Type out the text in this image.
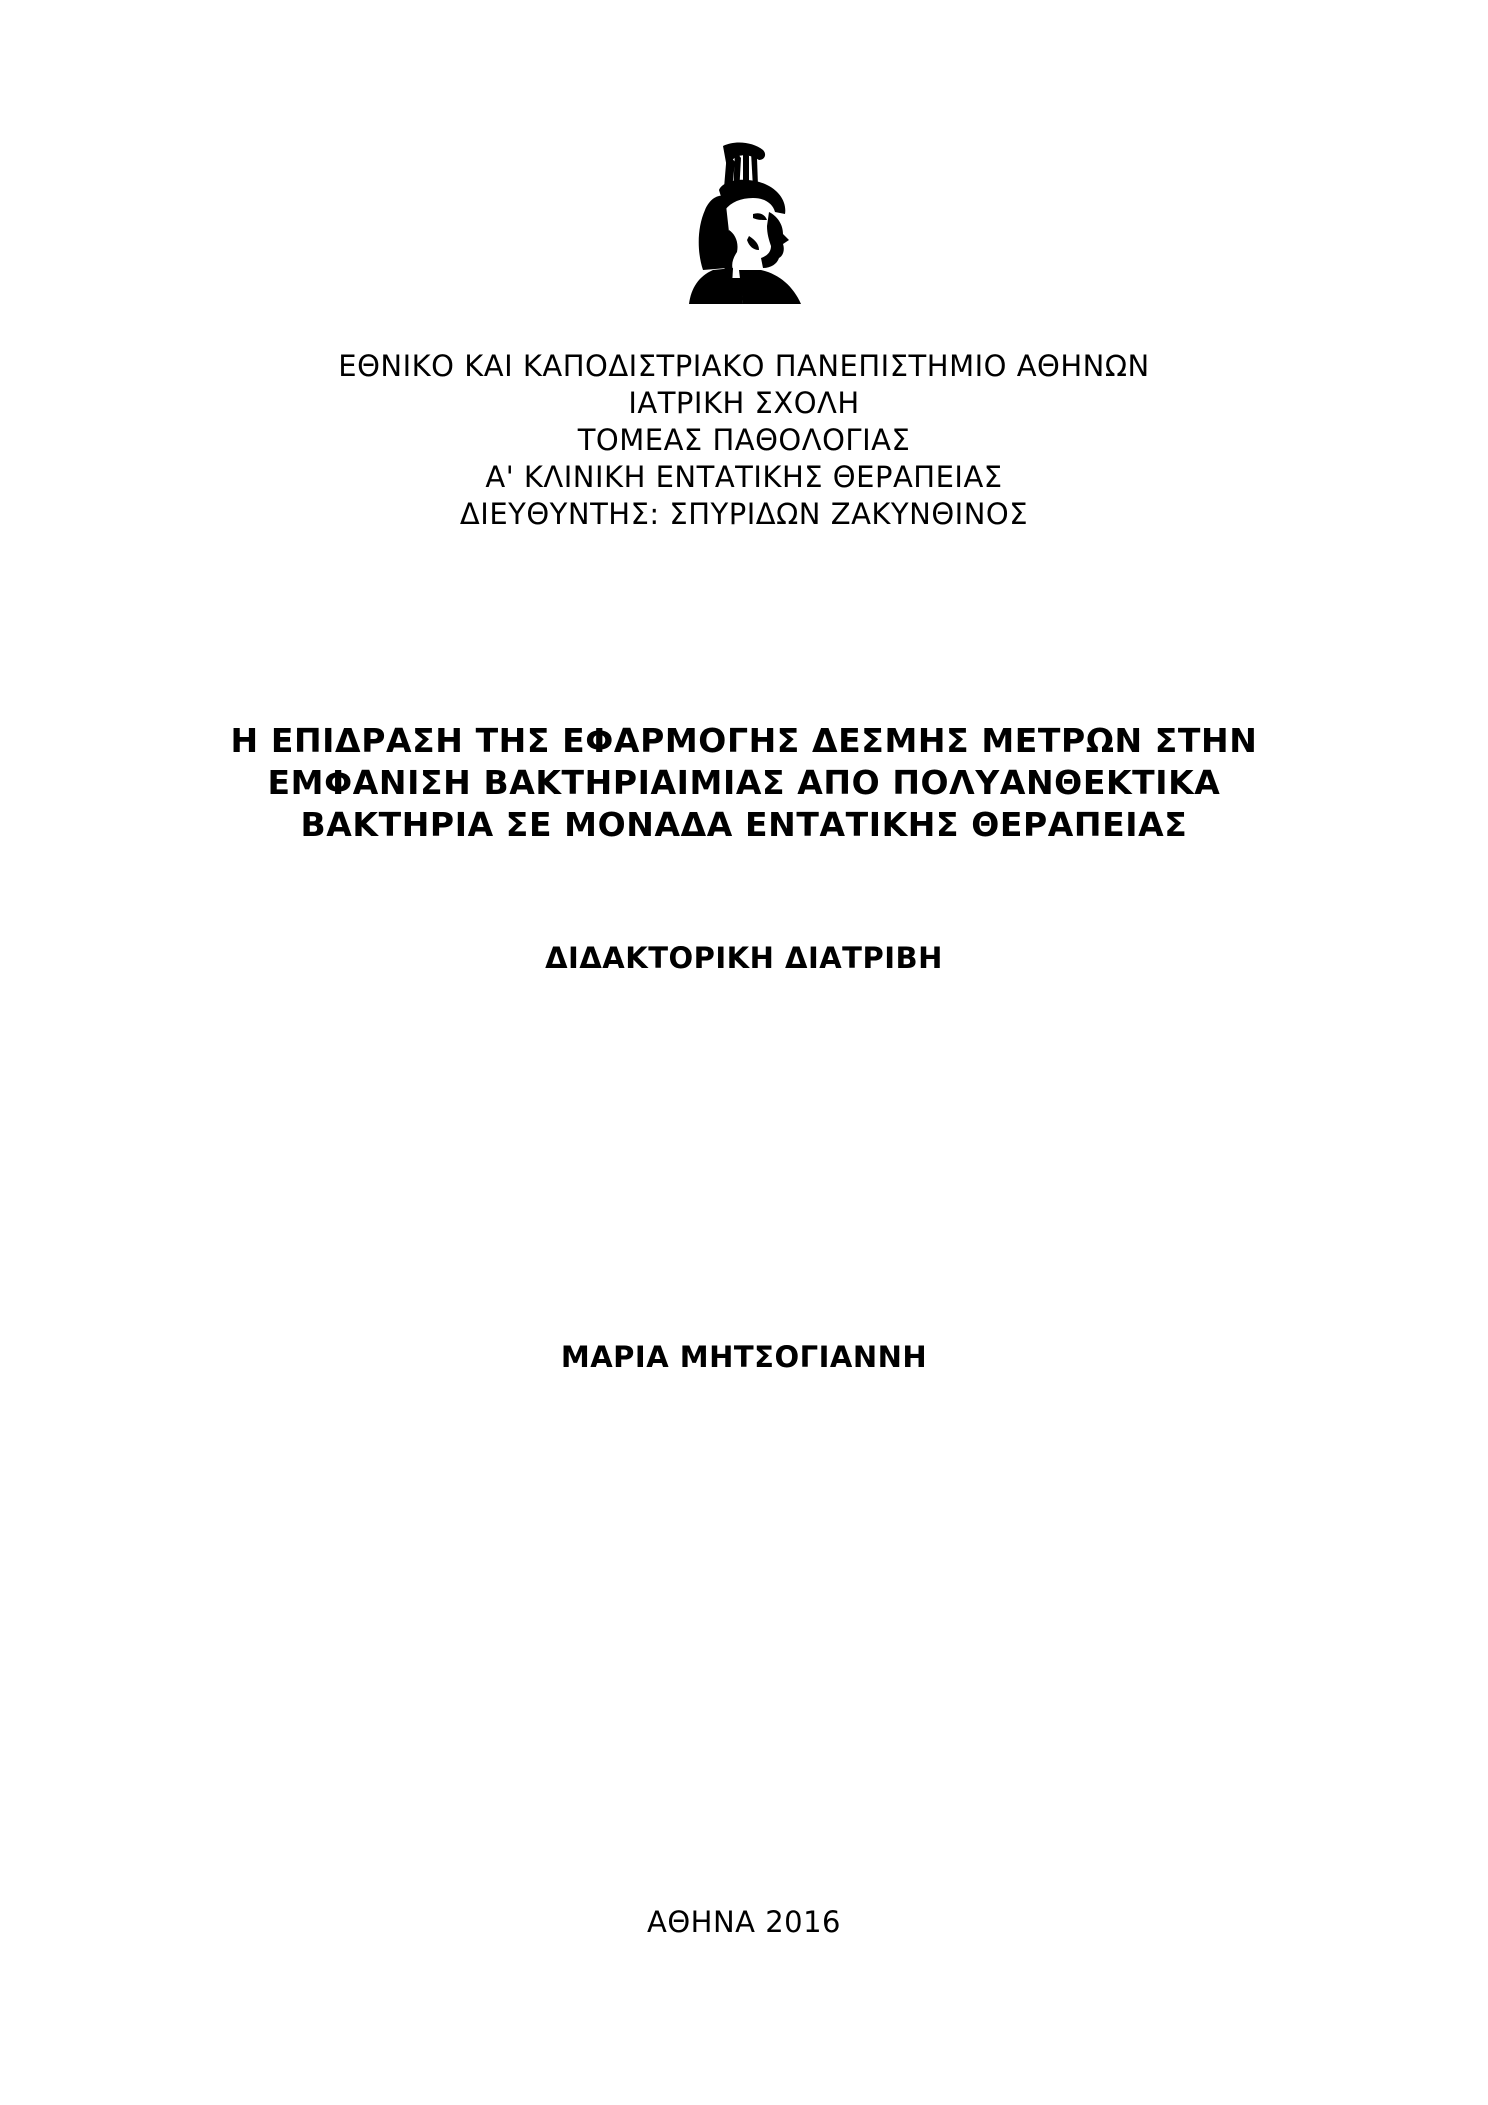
ΕΘΝΙΚΟ ΚΑΙ ΚΑΠΟΔΙΣΤΡΙΑΚΟ ΠΑΝΕΠΙΣΤΗΜΙΟ ΑΘΗΝΩΝ
ΙΑΤΡΙΚΗ ΣΧΟΛΗ
ΤΟΜΕΑΣ ΠΑΘΟΛΟΓΙΑΣ
Α' ΚΛΙΝΙΚΗ ΕΝΤΑΤΙΚΗΣ ΘΕΡΑΠΕΙΑΣ
ΔΙΕΥΘΥΝΤΗΣ: ΣΠΥΡΙΔΩΝ ΖΑΚΥΝΘΙΝΟΣ
Η ΕΠΙΔΡΑΣΗ ΤΗΣ ΕΦΑΡΜΟΓΗΣ ΔΕΣΜΗΣ ΜΕΤΡΩΝ ΣΤΗΝ
ΕΜΦΑΝΙΣΗ ΒΑΚΤΗΡΙΑΙΜΙΑΣ ΑΠΟ ΠΟΛΥΑΝΘΕΚΤΙΚΑ
ΒΑΚΤΗΡΙΑ ΣΕ ΜΟΝΑΔΑ ΕΝΤΑΤΙΚΗΣ ΘΕΡΑΠΕΙΑΣ
ΔΙΔΑΚΤΟΡΙΚΗ ΔΙΑΤΡΙΒΗ
ΜΑΡΙΑ ΜΗΤΣΟΓΙΑΝΝΗ
ΑΘΗΝΑ 2016
